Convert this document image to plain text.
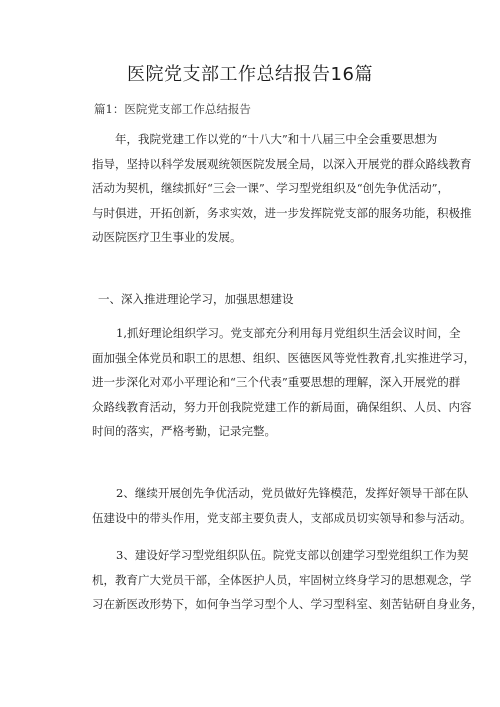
医院党支部工作总结报告16篇
篇1：医院党支部工作总结报告
　　年，我院党建工作以党的“十八大”和十八届三中全会重要思想为
指导，坚持以科学发展观统领医院发展全局，以深入开展党的群众路线教育
活动为契机，继续抓好“三会一课”、学习型党组织及“创先争优活动”，
与时俱进，开拓创新，务求实效，进一步发挥院党支部的服务功能，积极推
动医院医疗卫生事业的发展。
一、深入推进理论学习，加强思想建设
1,抓好理论组织学习。党支部充分利用每月党组织生活会议时间，全
面加强全体党员和职工的思想、组织、医德医风等党性教育,扎实推进学习，
进一步深化对邓小平理论和“三个代表”重要思想的理解，深入开展党的群
众路线教育活动，努力开创我院党建工作的新局面，确保组织、人员、内容
时间的落实，严格考勤，记录完整。
2、继续开展创先争优活动，党员做好先锋模范，发挥好领导干部在队
伍建设中的带头作用，党支部主要负责人，支部成员切实领导和参与活动。
3、建设好学习型党组织队伍。院党支部以创建学习型党组织工作为契
机，教育广大党员干部，全体医护人员，牢固树立终身学习的思想观念，学
习在新医改形势下，如何争当学习型个人、学习型科室、刻苦钻研自身业务，
